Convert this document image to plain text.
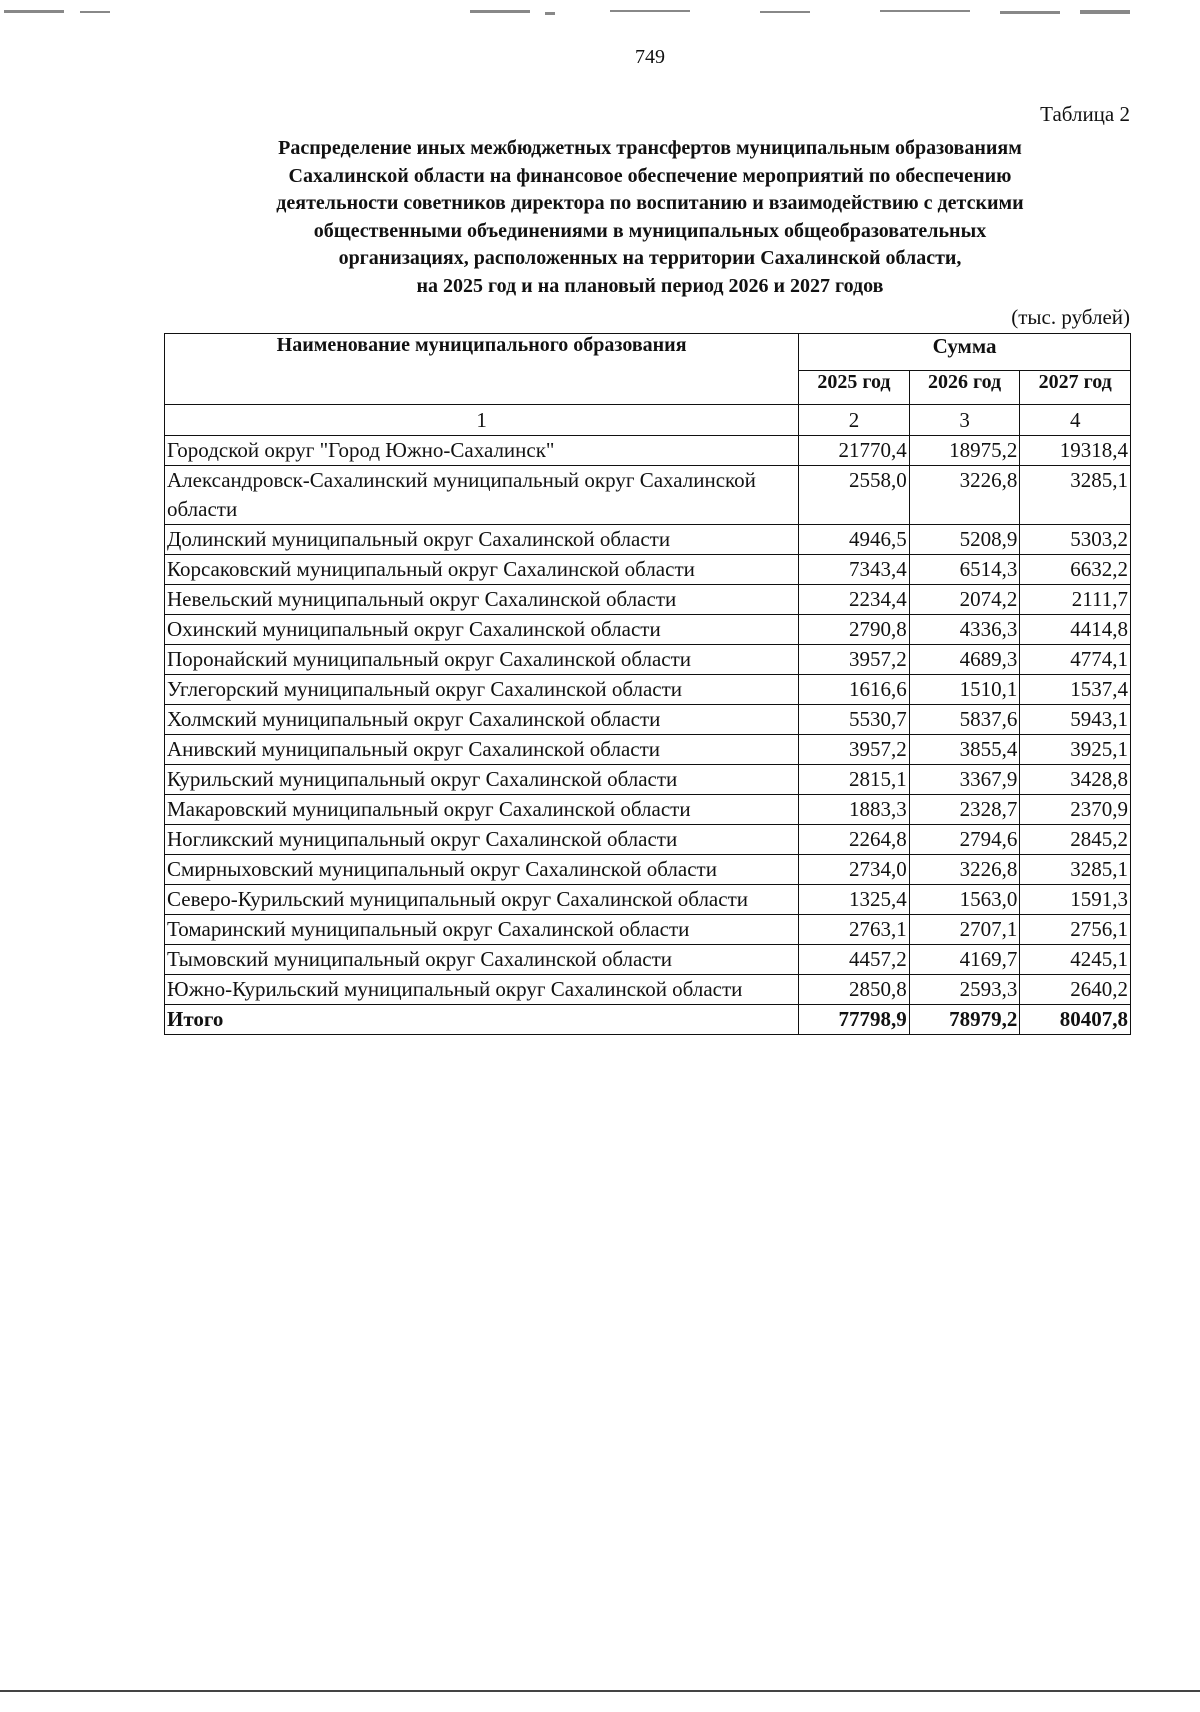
749
Таблица 2
Распределение иных межбюджетных трансфертов муниципальным образованиям
Сахалинской области на финансовое обеспечение мероприятий по обеспечению
деятельности советников директора по воспитанию и взаимодействию с детскими
общественными объединениями в муниципальных общеобразовательных
организациях, расположенных на территории Сахалинской области,
на 2025 год и на плановый период 2026 и 2027 годов
(тыс. рублей)
Наименование муниципального образования	Сумма		
	2025 год	2026 год	2027 год
1	2	3	4
Городской округ "Город Южно-Сахалинск"	21770,4	18975,2	19318,4
Александровск-Сахалинский муниципальный округ Сахалинской области	2558,0	3226,8	3285,1
Долинский муниципальный округ Сахалинской области	4946,5	5208,9	5303,2
Корсаковский муниципальный округ Сахалинской области	7343,4	6514,3	6632,2
Невельский муниципальный округ Сахалинской области	2234,4	2074,2	2111,7
Охинский муниципальный округ Сахалинской области	2790,8	4336,3	4414,8
Поронайский муниципальный округ Сахалинской области	3957,2	4689,3	4774,1
Углегорский муниципальный округ Сахалинской области	1616,6	1510,1	1537,4
Холмский муниципальный округ Сахалинской области	5530,7	5837,6	5943,1
Анивский муниципальный округ Сахалинской области	3957,2	3855,4	3925,1
Курильский муниципальный округ Сахалинской области	2815,1	3367,9	3428,8
Макаровский муниципальный округ Сахалинской области	1883,3	2328,7	2370,9
Ногликский муниципальный округ Сахалинской области	2264,8	2794,6	2845,2
Смирныховский муниципальный округ Сахалинской области	2734,0	3226,8	3285,1
Северо-Курильский муниципальный округ Сахалинской области	1325,4	1563,0	1591,3
Томаринский муниципальный округ Сахалинской области	2763,1	2707,1	2756,1
Тымовский муниципальный округ Сахалинской области	4457,2	4169,7	4245,1
Южно-Курильский муниципальный округ Сахалинской области	2850,8	2593,3	2640,2
Итого	77798,9	78979,2	80407,8
